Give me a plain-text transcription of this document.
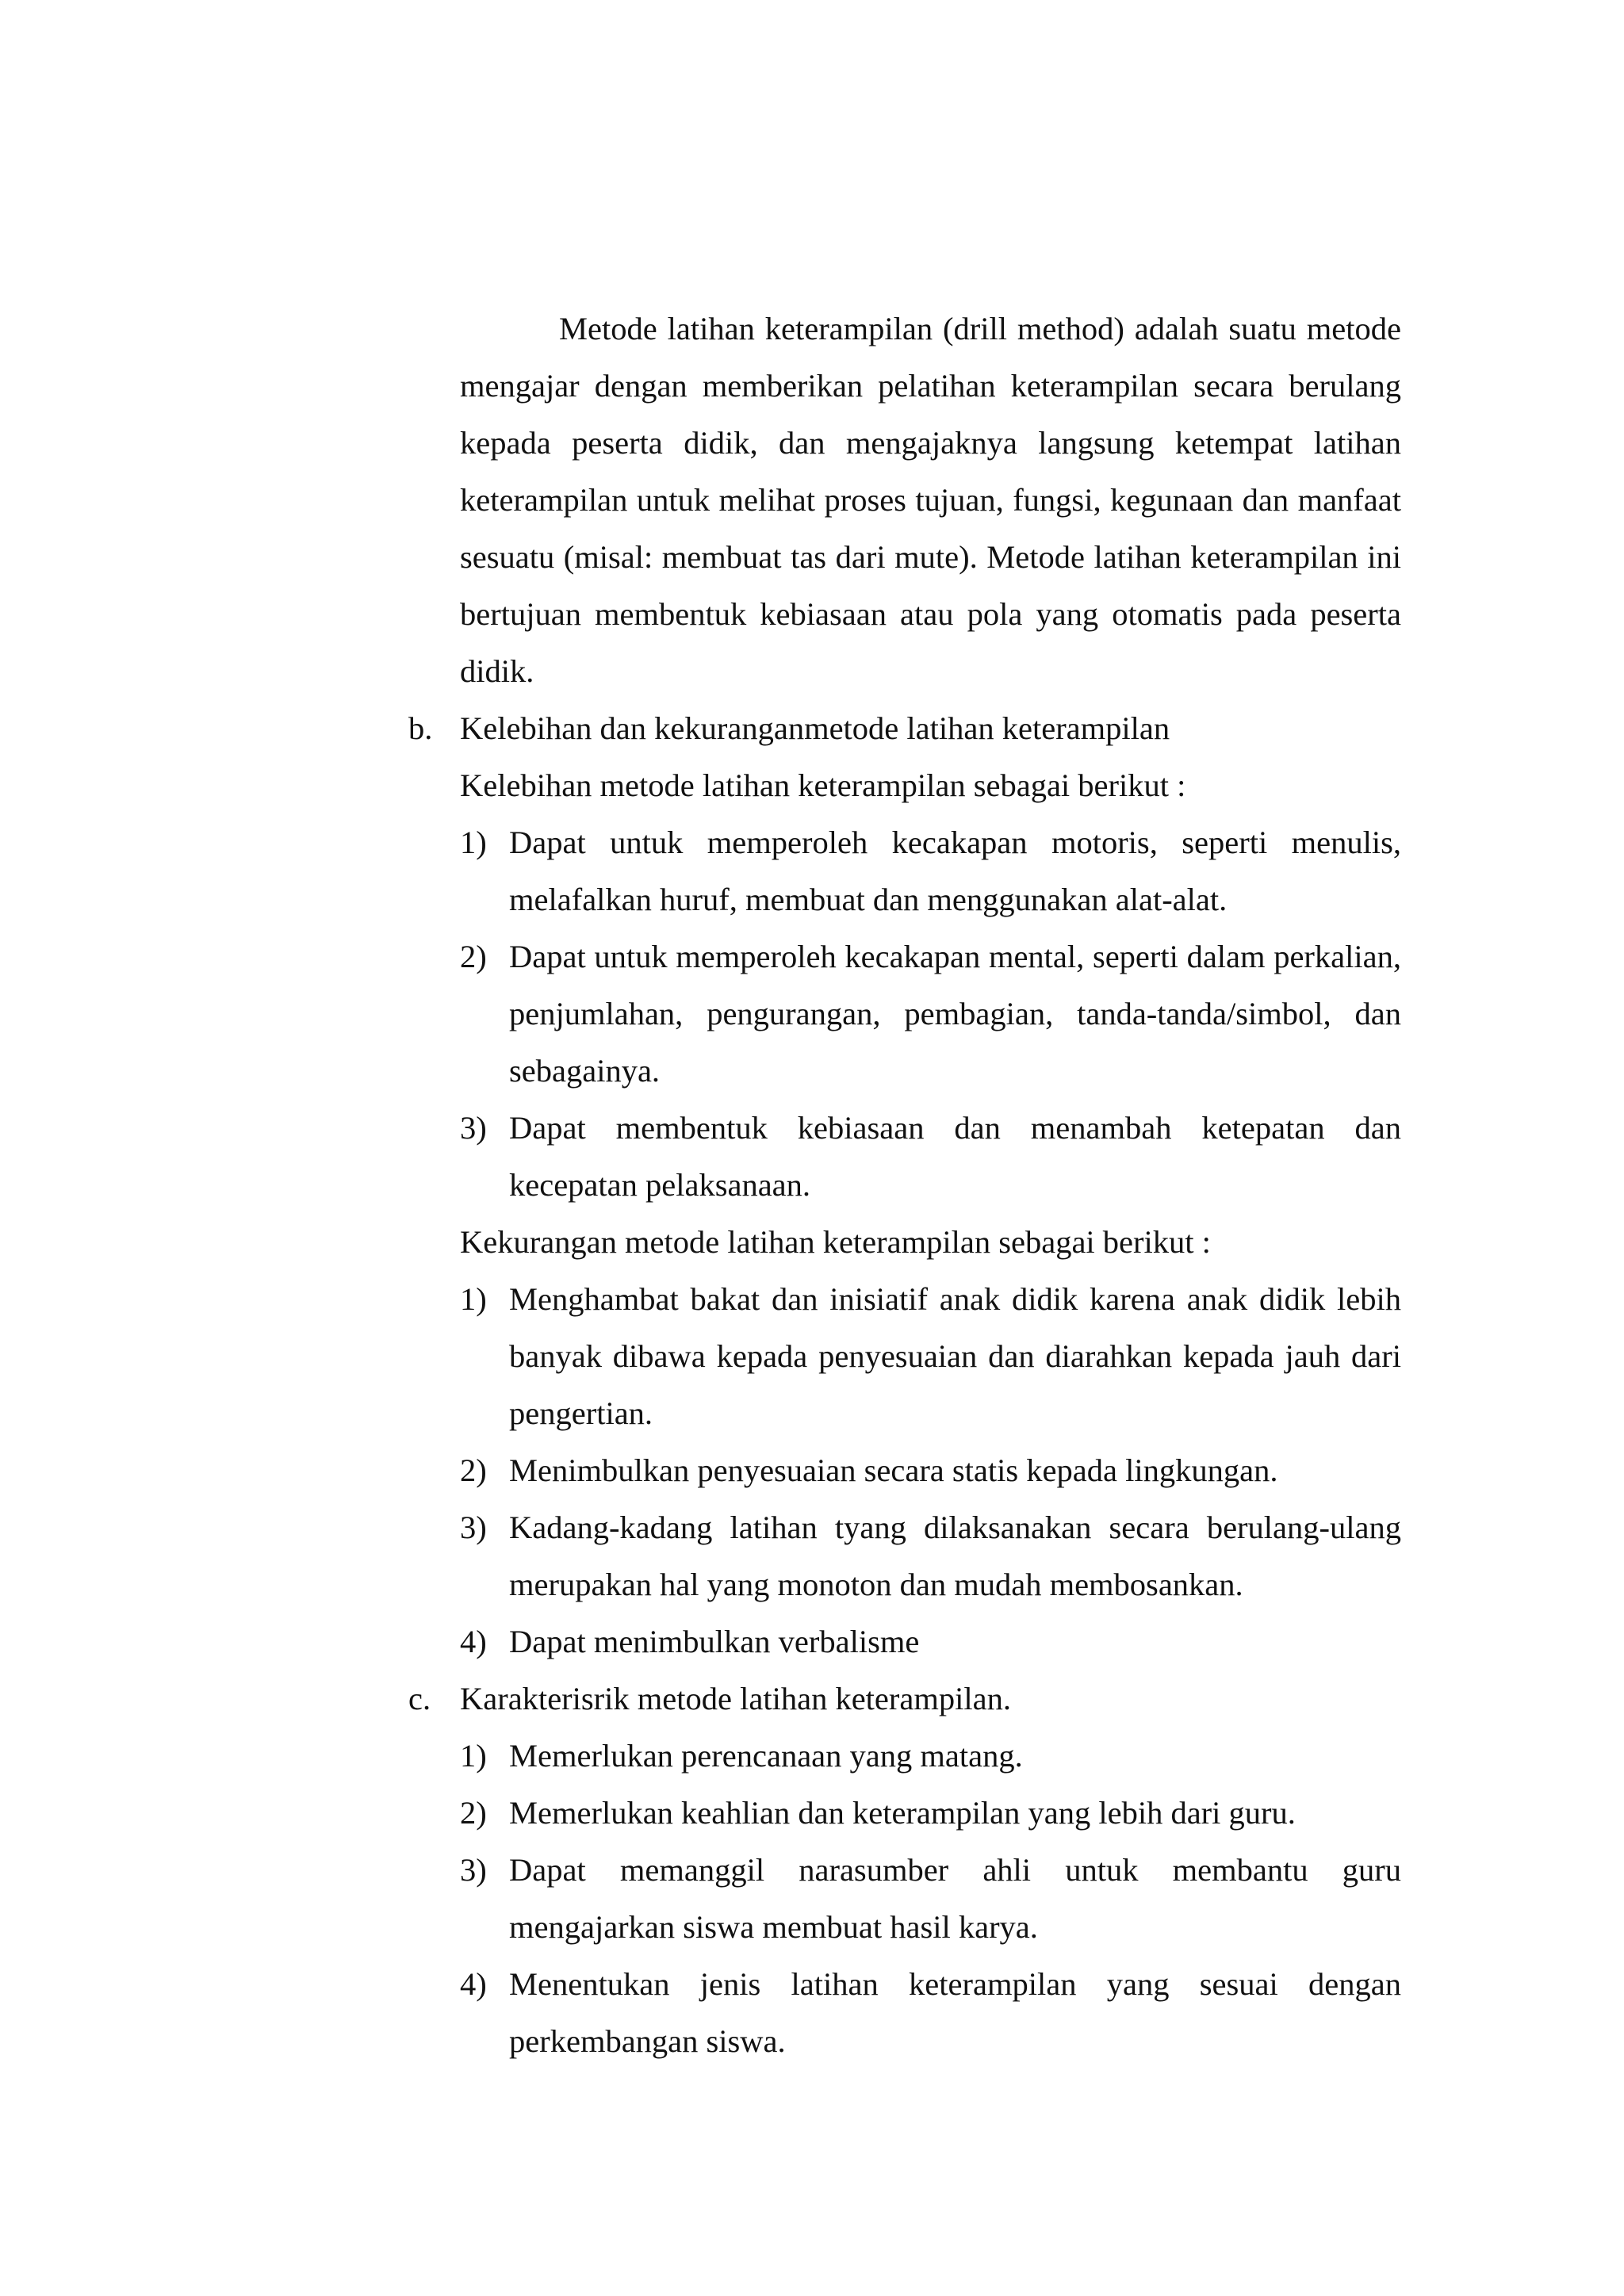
Metode latihan keterampilan (drill method) adalah suatu metode mengajar dengan memberikan pelatihan keterampilan secara berulang kepada peserta didik, dan mengajaknya langsung ketempat latihan keterampilan untuk melihat proses tujuan, fungsi, kegunaan dan manfaat sesuatu (misal: membuat tas dari mute). Metode latihan keterampilan ini bertujuan membentuk kebiasaan atau pola yang otomatis pada peserta didik.

b. Kelebihan dan kekuranganmetode latihan keterampilan

Kelebihan metode latihan keterampilan sebagai berikut :

1) Dapat untuk memperoleh kecakapan motoris, seperti menulis, melafalkan huruf, membuat dan menggunakan alat-alat.
2) Dapat untuk memperoleh kecakapan mental, seperti dalam perkalian, penjumlahan, pengurangan, pembagian, tanda-tanda/simbol, dan sebagainya.
3) Dapat membentuk kebiasaan dan menambah ketepatan dan kecepatan pelaksanaan.

Kekurangan metode latihan keterampilan sebagai berikut :

1) Menghambat bakat dan inisiatif anak didik karena anak didik lebih banyak dibawa kepada penyesuaian dan diarahkan kepada jauh dari pengertian.
2) Menimbulkan penyesuaian secara statis kepada lingkungan.
3) Kadang-kadang latihan tyang dilaksanakan secara berulang-ulang merupakan hal yang monoton dan mudah membosankan.
4) Dapat menimbulkan verbalisme
c. Karakterisrik metode latihan keterampilan.
1) Memerlukan perencanaan yang matang.
2) Memerlukan keahlian dan keterampilan yang lebih dari guru.
3) Dapat memanggil narasumber ahli untuk membantu guru mengajarkan siswa membuat hasil karya.
4) Menentukan jenis latihan keterampilan yang sesuai dengan perkembangan siswa.
